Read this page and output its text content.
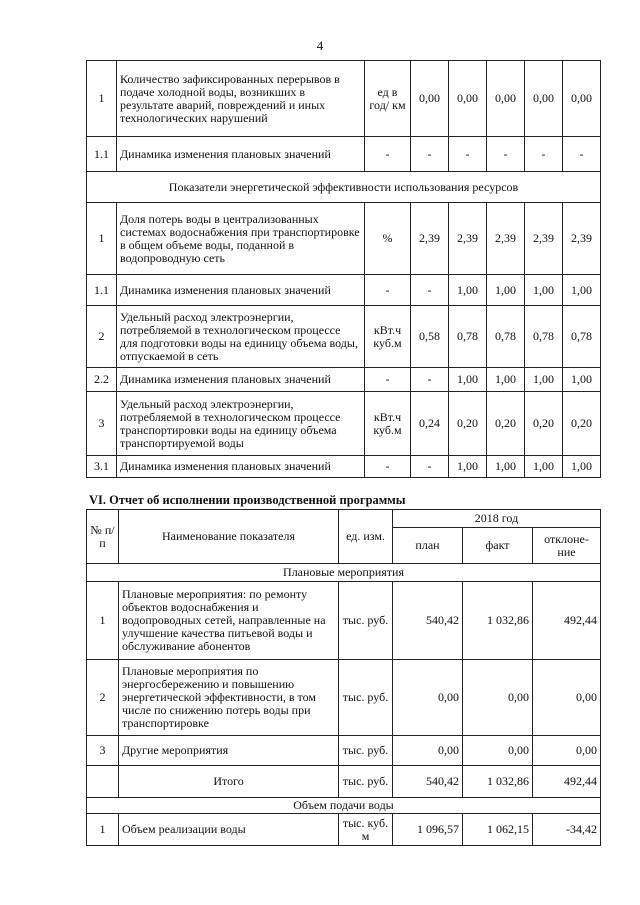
4
1	Количество зафиксированных перерывов в подаче холодной воды, возникших в результате аварий, повреждений и иных технологических нарушений	ед в год/ км	0,00	0,00	0,00	0,00	0,00
1.1	Динамика изменения плановых значений	-	-	-	-	-	-
Показатели энергетической эффективности использования ресурсов							
1	Доля потерь воды в централизованных системах водоснабжения при транспортировке в общем объеме воды, поданной в водопроводную сеть	%	2,39	2,39	2,39	2,39	2,39
1.1	Динамика изменения плановых значений	-	-	1,00	1,00	1,00	1,00
2	Удельный расход электроэнергии, потребляемой в технологическом процессе для подготовки воды на единицу объема воды, отпускаемой в сеть	кВт.ч куб.м	0,58	0,78	0,78	0,78	0,78
2.2	Динамика изменения плановых значений	-	-	1,00	1,00	1,00	1,00
3	Удельный расход электроэнергии, потребляемой в технологическом процессе транспортировки воды на единицу объема транспортируемой воды	кВт.ч куб.м	0,24	0,20	0,20	0,20	0,20
3.1	Динамика изменения плановых значений	-	-	1,00	1,00	1,00	1,00
VI. Отчет об исполнении производственной программы
№ п/п	Наименование показателя	ед. изм.	2018 год		
			план	факт	отклоне-ние
Плановые мероприятия					
1	Плановые мероприятия: по ремонту объектов водоснабжения и водопроводных сетей, направленные на улучшение качества питьевой воды и обслуживание абонентов	тыс. руб.	540,42	1 032,86	492,44
2	Плановые мероприятия по энергосбережению и повышению энергетической эффективности, в том числе по снижению потерь воды при транспортировке	тыс. руб.	0,00	0,00	0,00
3	Другие мероприятия	тыс. руб.	0,00	0,00	0,00
	Итого	тыс. руб.	540,42	1 032,86	492,44
Объем подачи воды					
1	Объем реализации воды	тыс. куб. м	1 096,57	1 062,15	-34,42
